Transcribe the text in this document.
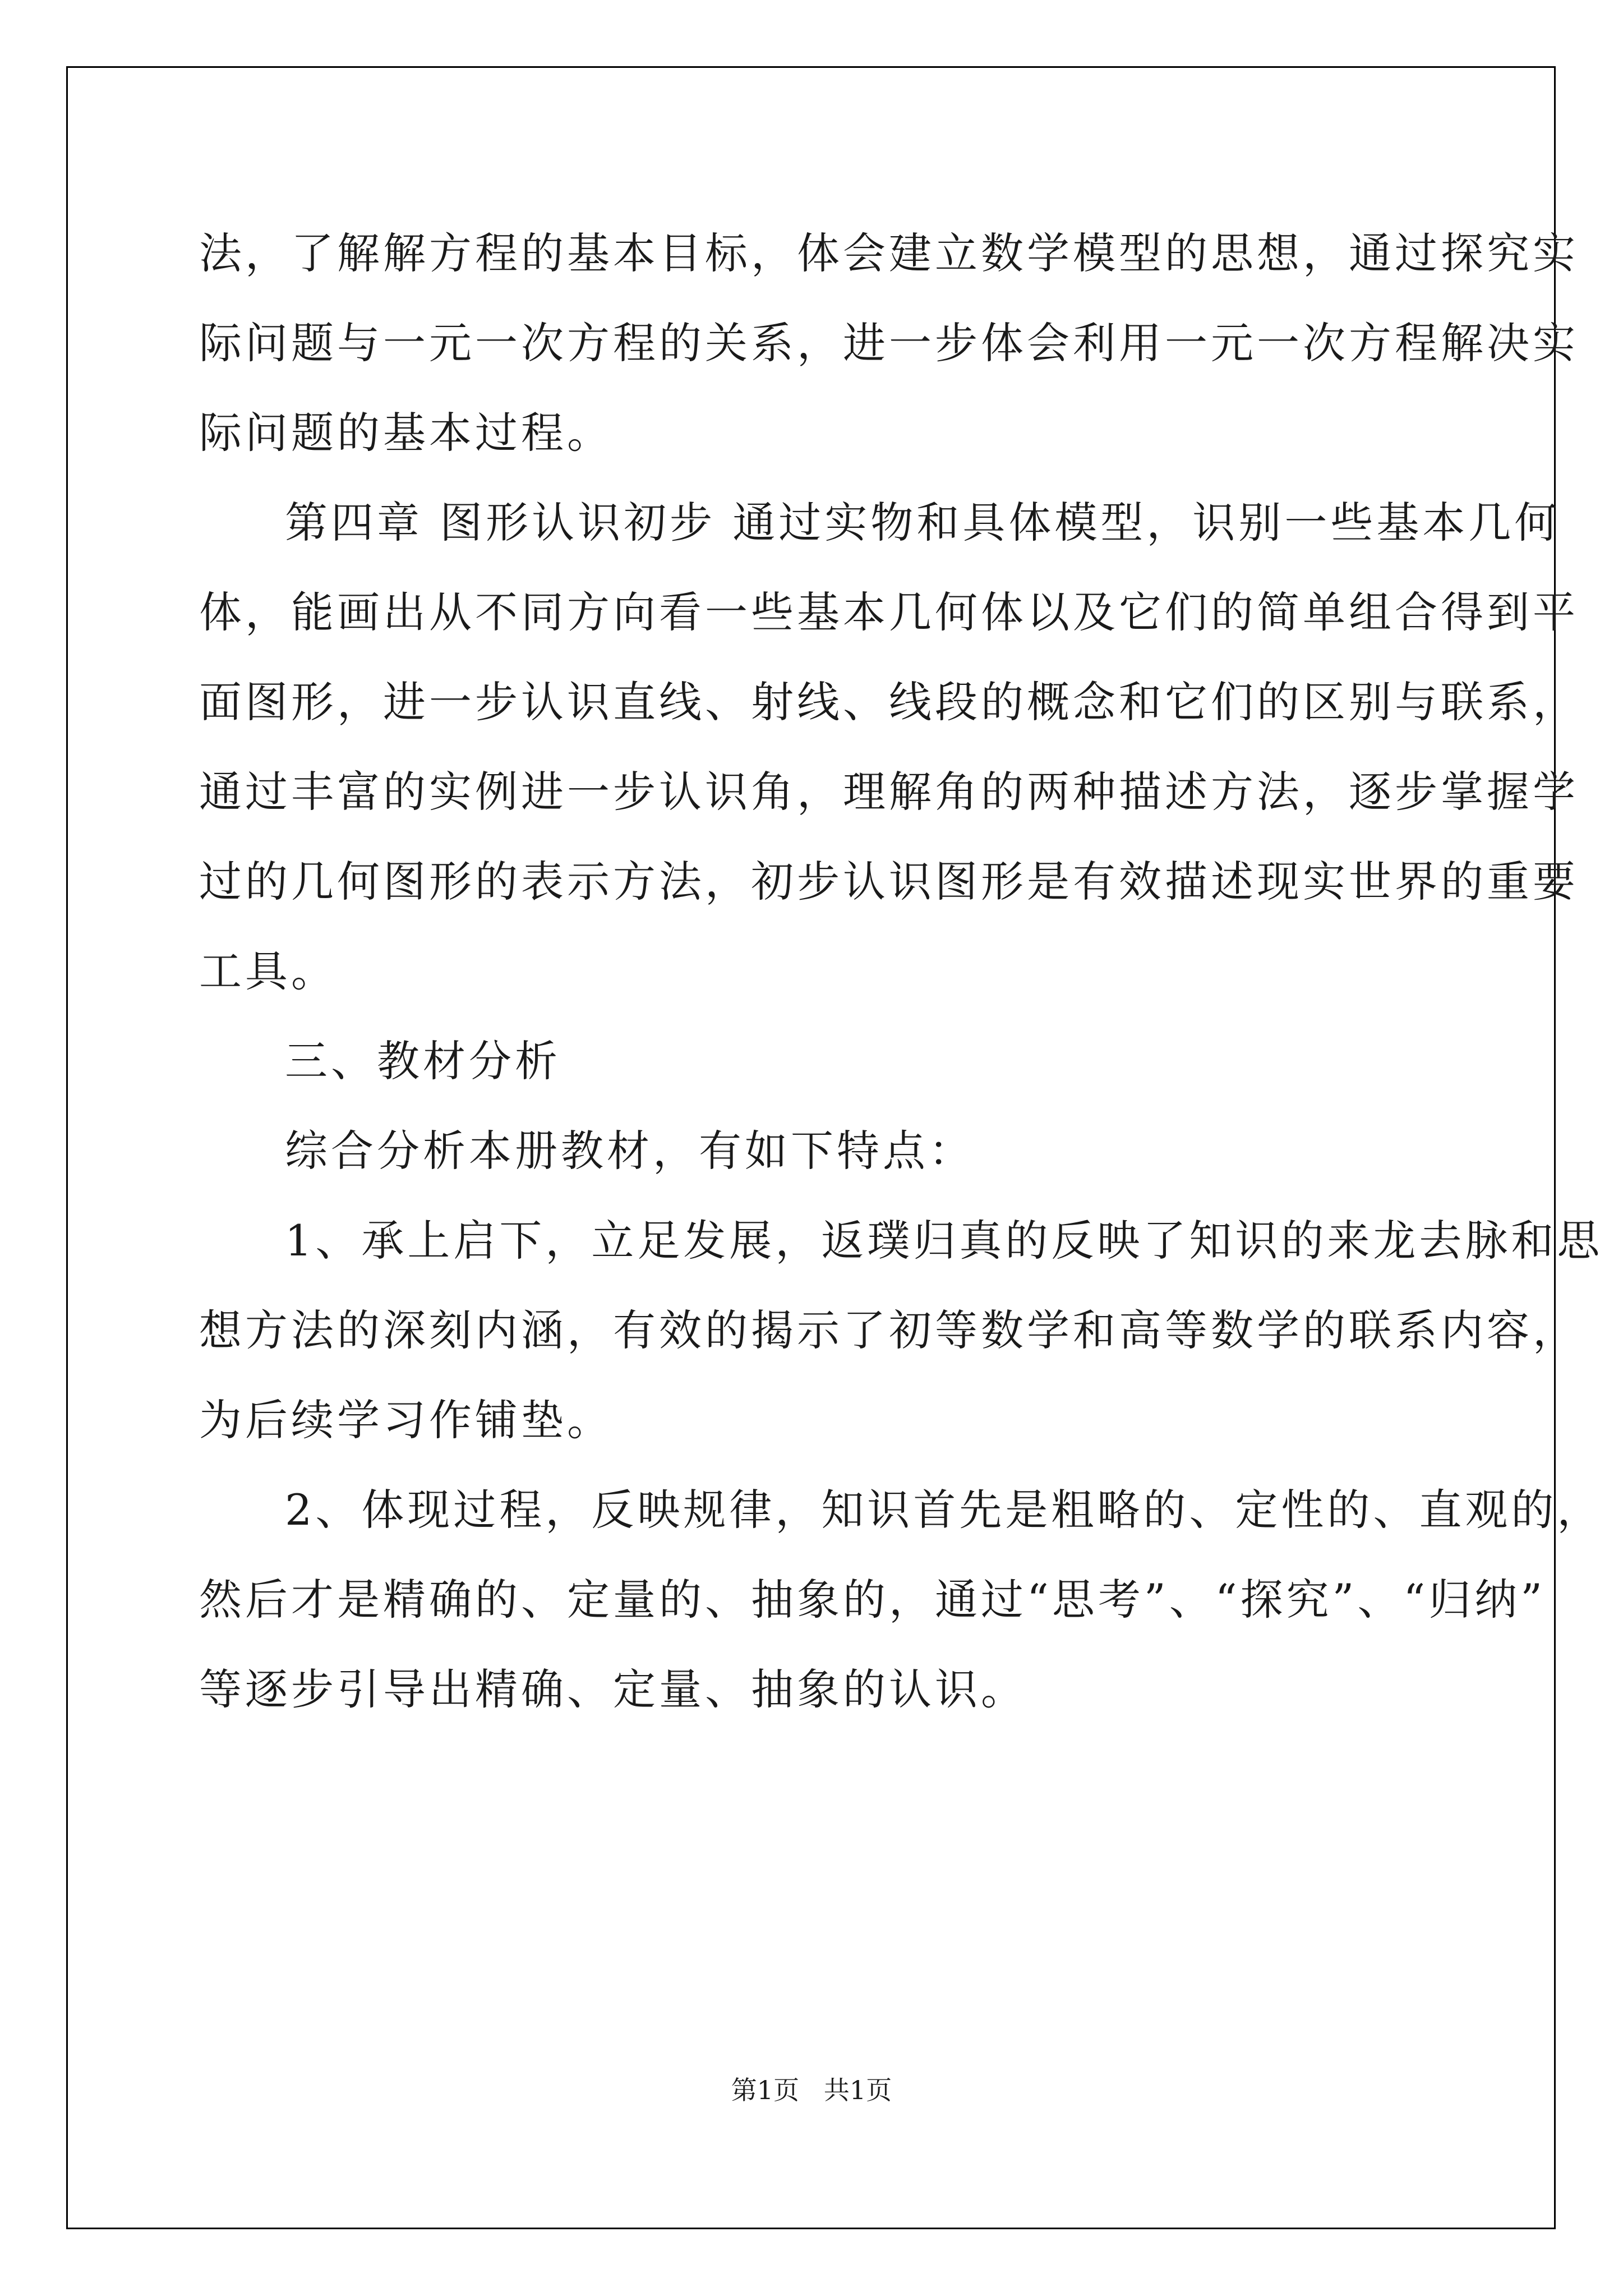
法，了解解方程的基本目标，体会建立数学模型的思想，通过探究实
际问题与一元一次方程的关系，进一步体会利用一元一次方程解决实
际问题的基本过程。
第四章 图形认识初步 通过实物和具体模型，识别一些基本几何
体，能画出从不同方向看一些基本几何体以及它们的简单组合得到平
面图形，进一步认识直线、射线、线段的概念和它们的区别与联系，
通过丰富的实例进一步认识角，理解角的两种描述方法，逐步掌握学
过的几何图形的表示方法，初步认识图形是有效描述现实世界的重要
工具。
三、教材分析
综合分析本册教材，有如下特点：
1、承上启下，立足发展，返璞归真的反映了知识的来龙去脉和思
想方法的深刻内涵，有效的揭示了初等数学和高等数学的联系内容，
为后续学习作铺垫。
2、体现过程，反映规律，知识首先是粗略的、定性的、直观的，
然后才是精确的、定量的、抽象的，通过“思考”、“探究”、“归纳”
等逐步引导出精确、定量、抽象的认识。
第1页   共1页
